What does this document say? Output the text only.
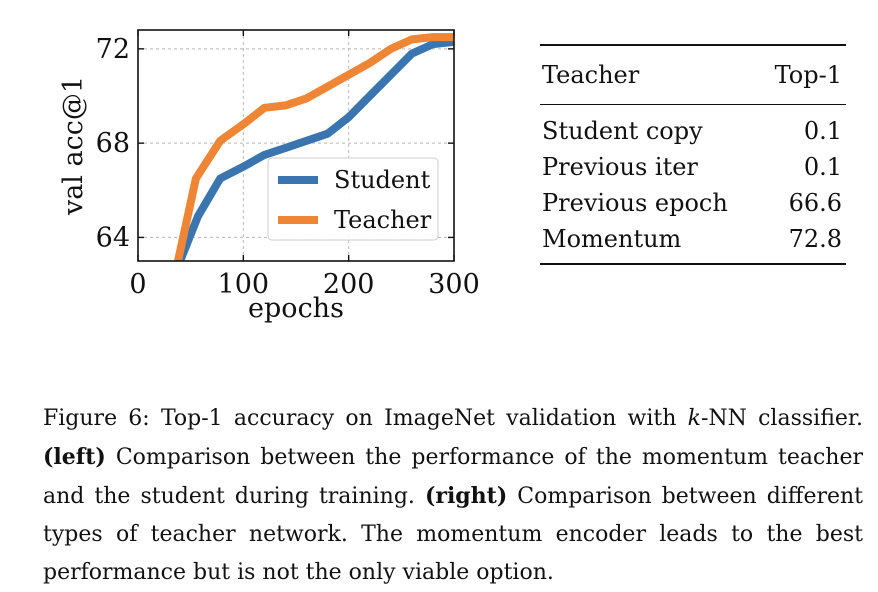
0	100 200 300
64
68
72
epochs
val acc@1	Student
Teacher
Teacher	Top-1
Student copy	0.1
Previous iter	0.1
Previous epoch	66.6
Momentum	72.8

Figure 6: Top-1 accuracy on ImageNet validation with k-NN classifier. (left) Comparison between the performance of the momentum teacher and the student during training. (right) Comparison between different types of teacher network. The momentum encoder leads to the best performance but is not the only viable option.
